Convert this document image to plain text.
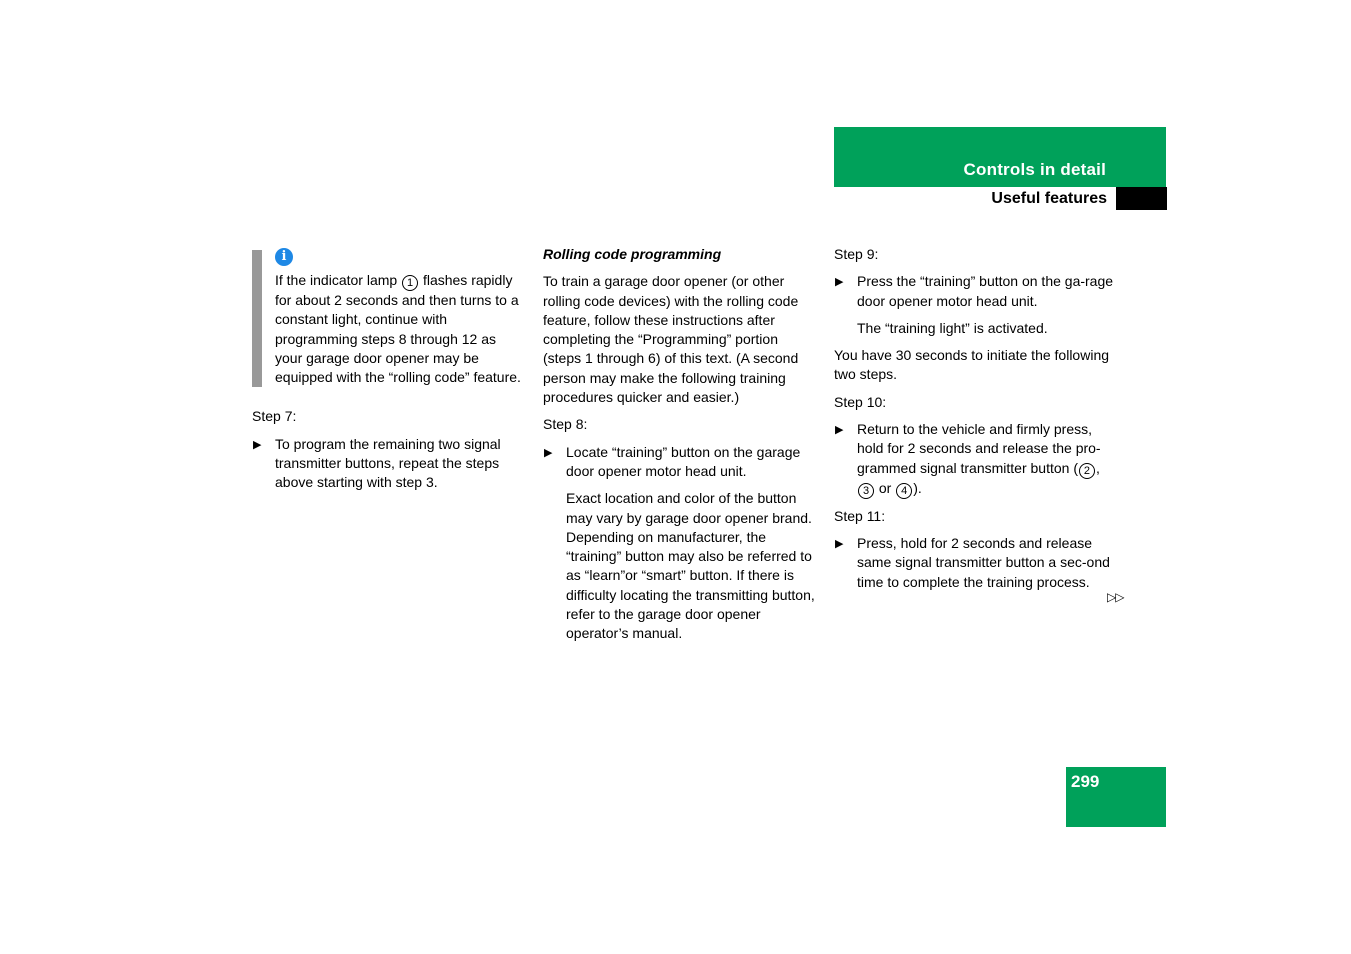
Controls in detail
Useful features
i

If the indicator lamp 1 flashes rapidly for about 2 seconds and then turns to a constant light, continue with programming steps 8 through 12 as your garage door opener may be equipped with the “rolling code” feature.

Step 7:

▶ To program the remaining two signal transmitter buttons, repeat the steps above starting with step 3.

Rolling code programming

To train a garage door opener (or other rolling code devices) with the rolling code feature, follow these instructions after completing the “Programming” portion (steps 1 through 6) of this text. (A second person may make the following training procedures quicker and easier.)

Step 8:

▶ Locate “training” button on the garage door opener motor head unit.

Exact location and color of the button may vary by garage door opener brand. Depending on manufacturer, the “training” button may also be referred to as “learn”or “smart” button. If there is difficulty locating the transmitting button, refer to the garage door opener operator’s manual.

Step 9:

▶ Press the “training” button on the ga-rage door opener motor head unit.

The “training light” is activated.

You have 30 seconds to initiate the following two steps.

Step 10:

▶ Return to the vehicle and firmly press, hold for 2 seconds and release the pro-grammed signal transmitter button ( 2 , 3 or 4 ).

Step 11:

▶ Press, hold for 2 seconds and release same signal transmitter button a sec-ond time to complete the training process.
▷▷
299
